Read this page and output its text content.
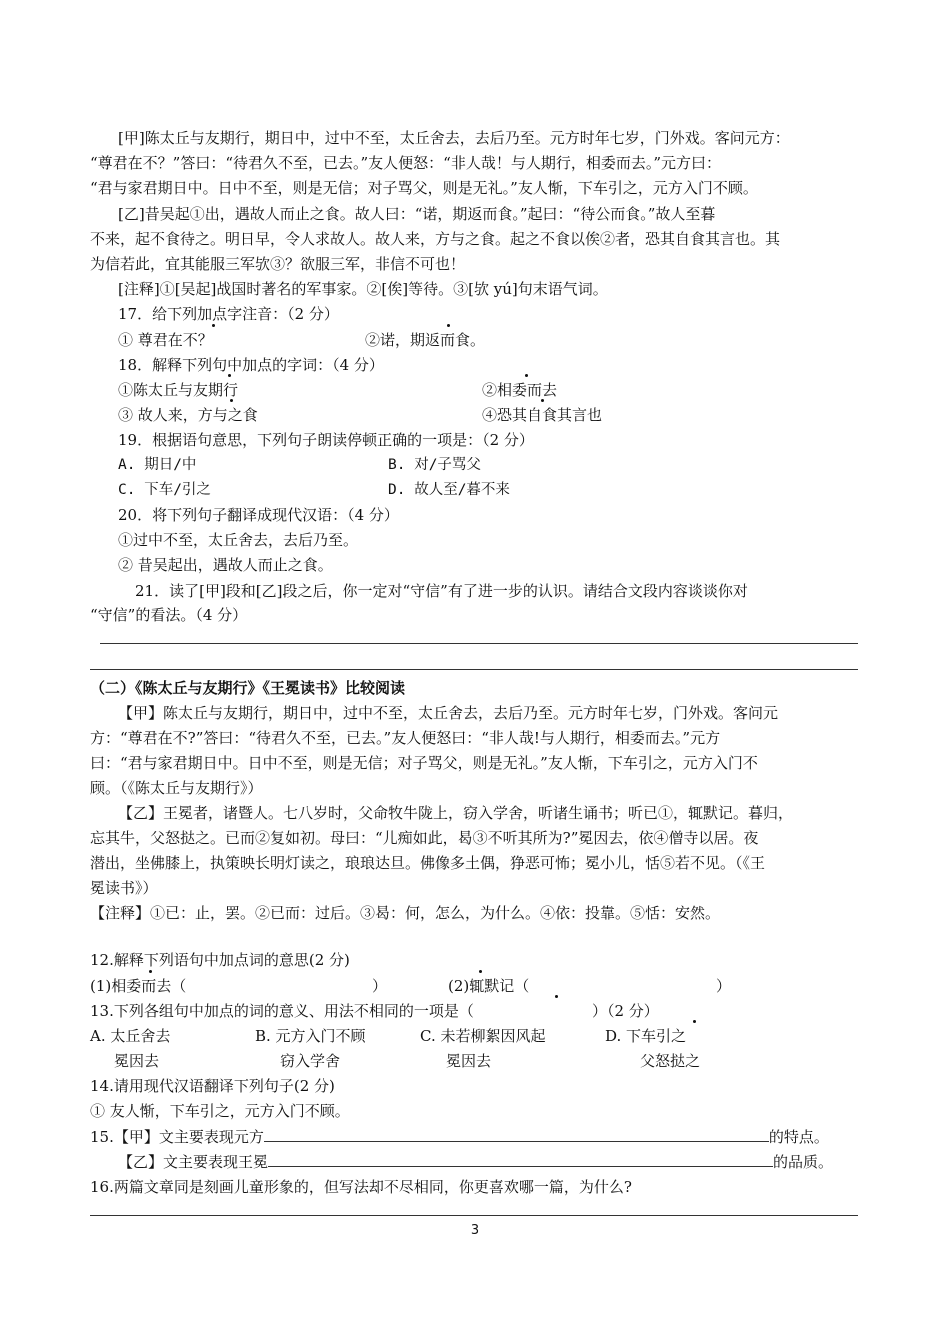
[甲]陈太丘与友期行，期日中，过中不至，太丘舍去，去后乃至。元方时年七岁，门外戏。客问元方：
“尊君在不？”答曰：“待君久不至，已去。”友人便怒：“非人哉！与人期行，相委而去。”元方曰：
“君与家君期日中。日中不至，则是无信；对子骂父，则是无礼。”友人惭，下车引之，元方入门不顾。
[乙]昔吴起①出，遇故人而止之食。故人曰：“诺，期返而食。”起曰：“待公而食。”故人至暮
不来，起不食待之。明日早，令人求故人。故人来，方与之食。起之不食以俟②者，恐其自食其言也。其
为信若此，宜其能服三军欤③？欲服三军，非信不可也！
[注释]①[吴起]战国时著名的军事家。②[俟]等待。③[欤 yú]句末语气词。
17．给下列加点字注音：（2 分）
① 尊君在不？	②诺，期返而食。
18．解释下列句中加点的字词：（4 分）
①陈太丘与友期行	②相委而去
③ 故人来，方与之食	④恐其自食其言也
19．根据语句意思，下列句子朗读停顿正确的一项是：（2 分）
A. 期日/中	B. 对/子骂父
C. 下车/引之	D. 故人至/暮不来
20．将下列句子翻译成现代汉语：（4 分）
①过中不至，太丘舍去，去后乃至。
② 昔吴起出，遇故人而止之食。
21．读了[甲]段和[乙]段之后，你一定对“守信”有了进一步的认识。请结合文段内容谈谈你对
“守信”的看法。（4 分）
（二）《陈太丘与友期行》《王冕读书》比较阅读
【甲】陈太丘与友期行，期日中，过中不至，太丘舍去，去后乃至。元方时年七岁，门外戏。客问元
方：“尊君在不?”答曰：“待君久不至，已去。”友人便怒曰：“非人哉!与人期行，相委而去。”元方
曰：“君与家君期日中。日中不至，则是无信；对子骂父，则是无礼。”友人惭，下车引之，元方入门不
顾。（《陈太丘与友期行》）
【乙】王冕者，诸暨人。七八岁时，父命牧牛陇上，窃入学舍，听诸生诵书；听已①，辄默记。暮归，
忘其牛，父怒挞之。已而②复如初。母曰：“儿痴如此，曷③不听其所为?”冕因去，依④僧寺以居。夜
潜出，坐佛膝上，执策映长明灯读之，琅琅达旦。佛像多土偶，狰恶可怖；冕小儿，恬⑤若不见。（《王
冕读书》）
【注释】①已：止，罢。②已而：过后。③曷：何，怎么，为什么。④依：投靠。⑤恬：安然。
12.解释下列语句中加点词的意思(2 分)
(1)相委而去（	）	(2)辄默记（	）
13.下列各组句中加点的词的意义、用法不相同的一项是（	）（2 分）
A. 太丘舍去
冕因去
B. 元方入门不顾
窃入学舍
C. 未若柳絮因风起
冕因去
D. 下车引之
父怒挞之
14.请用现代汉语翻译下列句子(2 分)
① 友人惭，下车引之，元方入门不顾。
15.【甲】文主要表现元方	的特点。
【乙】文主要表现王冕	的品质。
16.两篇文章同是刻画儿童形象的，但写法却不尽相同，你更喜欢哪一篇，为什么?
3
